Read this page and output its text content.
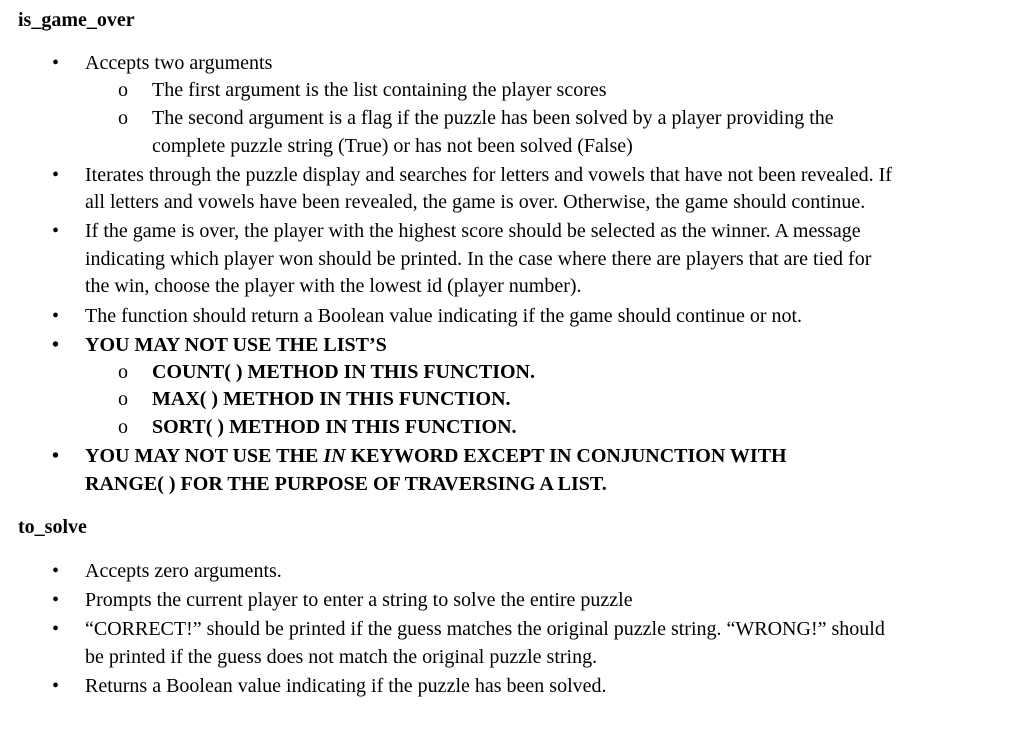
is_game_over
• Accepts two arguments
o The first argument is the list containing the player scores
o The second argument is a flag if the puzzle has been solved by a player providing the
complete puzzle string (True) or has not been solved (False)
• Iterates through the puzzle display and searches for letters and vowels that have not been revealed. If
all letters and vowels have been revealed, the game is over. Otherwise, the game should continue.
• If the game is over, the player with the highest score should be selected as the winner. A message
indicating which player won should be printed. In the case where there are players that are tied for
the win, choose the player with the lowest id (player number).
• The function should return a Boolean value indicating if the game should continue or not.
• YOU MAY NOT USE THE LIST’S
o COUNT( ) METHOD IN THIS FUNCTION.
o MAX( ) METHOD IN THIS FUNCTION.
o SORT( ) METHOD IN THIS FUNCTION.
• YOU MAY NOT USE THE IN KEYWORD EXCEPT IN CONJUNCTION WITH
RANGE( ) FOR THE PURPOSE OF TRAVERSING A LIST.
to_solve
• Accepts zero arguments.
• Prompts the current player to enter a string to solve the entire puzzle
• “CORRECT!” should be printed if the guess matches the original puzzle string. “WRONG!” should
be printed if the guess does not match the original puzzle string.
• Returns a Boolean value indicating if the puzzle has been solved.
